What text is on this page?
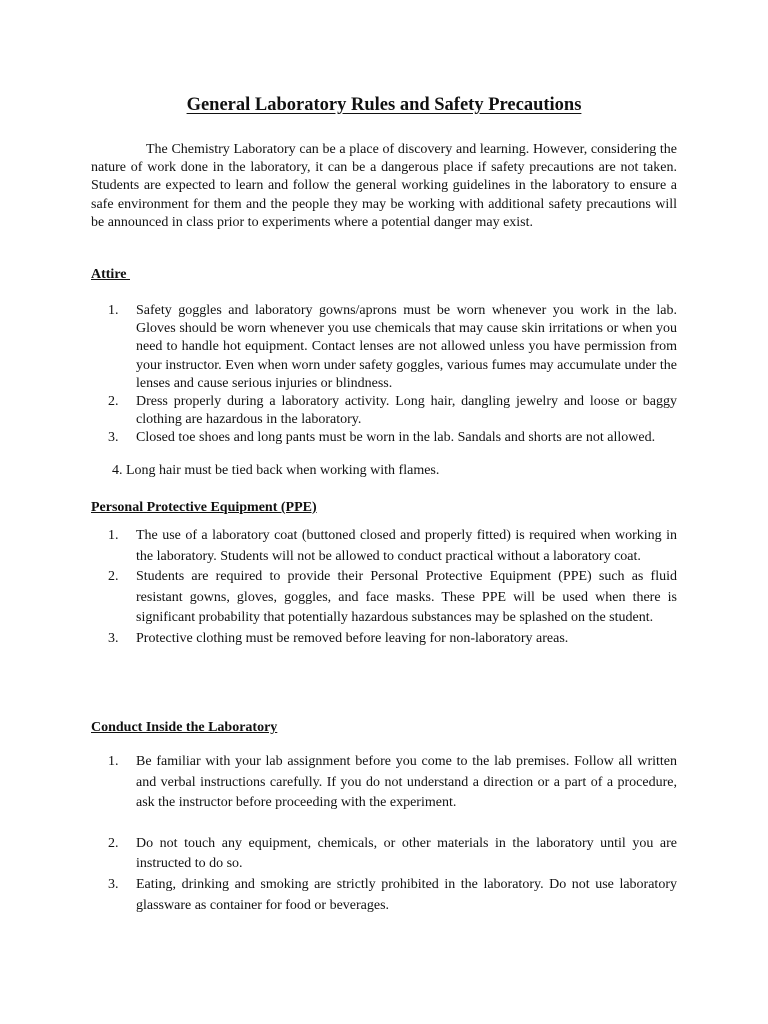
General Laboratory Rules and Safety Precautions

The Chemistry Laboratory can be a place of discovery and learning. However, considering the nature of work done in the laboratory, it can be a dangerous place if safety precautions are not taken. Students are expected to learn and follow the general working guidelines in the laboratory to ensure a safe environment for them and the people they may be working with additional safety precautions will be announced in class prior to experiments where a potential danger may exist.

Attire
1.	Safety goggles and laboratory gowns/aprons must be worn whenever you work in the lab. Gloves should be worn whenever you use chemicals that may cause skin irritations or when you need to handle hot equipment. Contact lenses are not allowed unless you have permission from your instructor. Even when worn under safety goggles, various fumes may accumulate under the lenses and cause serious injuries or blindness.
2.	Dress properly during a laboratory activity. Long hair, dangling jewelry and loose or baggy clothing are hazardous in the laboratory.
3.	Closed toe shoes and long pants must be worn in the lab. Sandals and shorts are not allowed.
4. Long hair must be tied back when working with flames.
Personal Protective Equipment (PPE)
1.	The use of a laboratory coat (buttoned closed and properly fitted) is required when working in the laboratory. Students will not be allowed to conduct practical without a laboratory coat.
2.	Students are required to provide their Personal Protective Equipment (PPE) such as fluid resistant gowns, gloves, goggles, and face masks. These PPE will be used when there is significant probability that potentially hazardous substances may be splashed on the student.
3.	Protective clothing must be removed before leaving for non-laboratory areas.
Conduct Inside the Laboratory
1.	Be familiar with your lab assignment before you come to the lab premises. Follow all written and verbal instructions carefully. If you do not understand a direction or a part of a procedure, ask the instructor before proceeding with the experiment.
2.	Do not touch any equipment, chemicals, or other materials in the laboratory until you are instructed to do so.
3.	Eating, drinking and smoking are strictly prohibited in the laboratory. Do not use laboratory glassware as container for food or beverages.
